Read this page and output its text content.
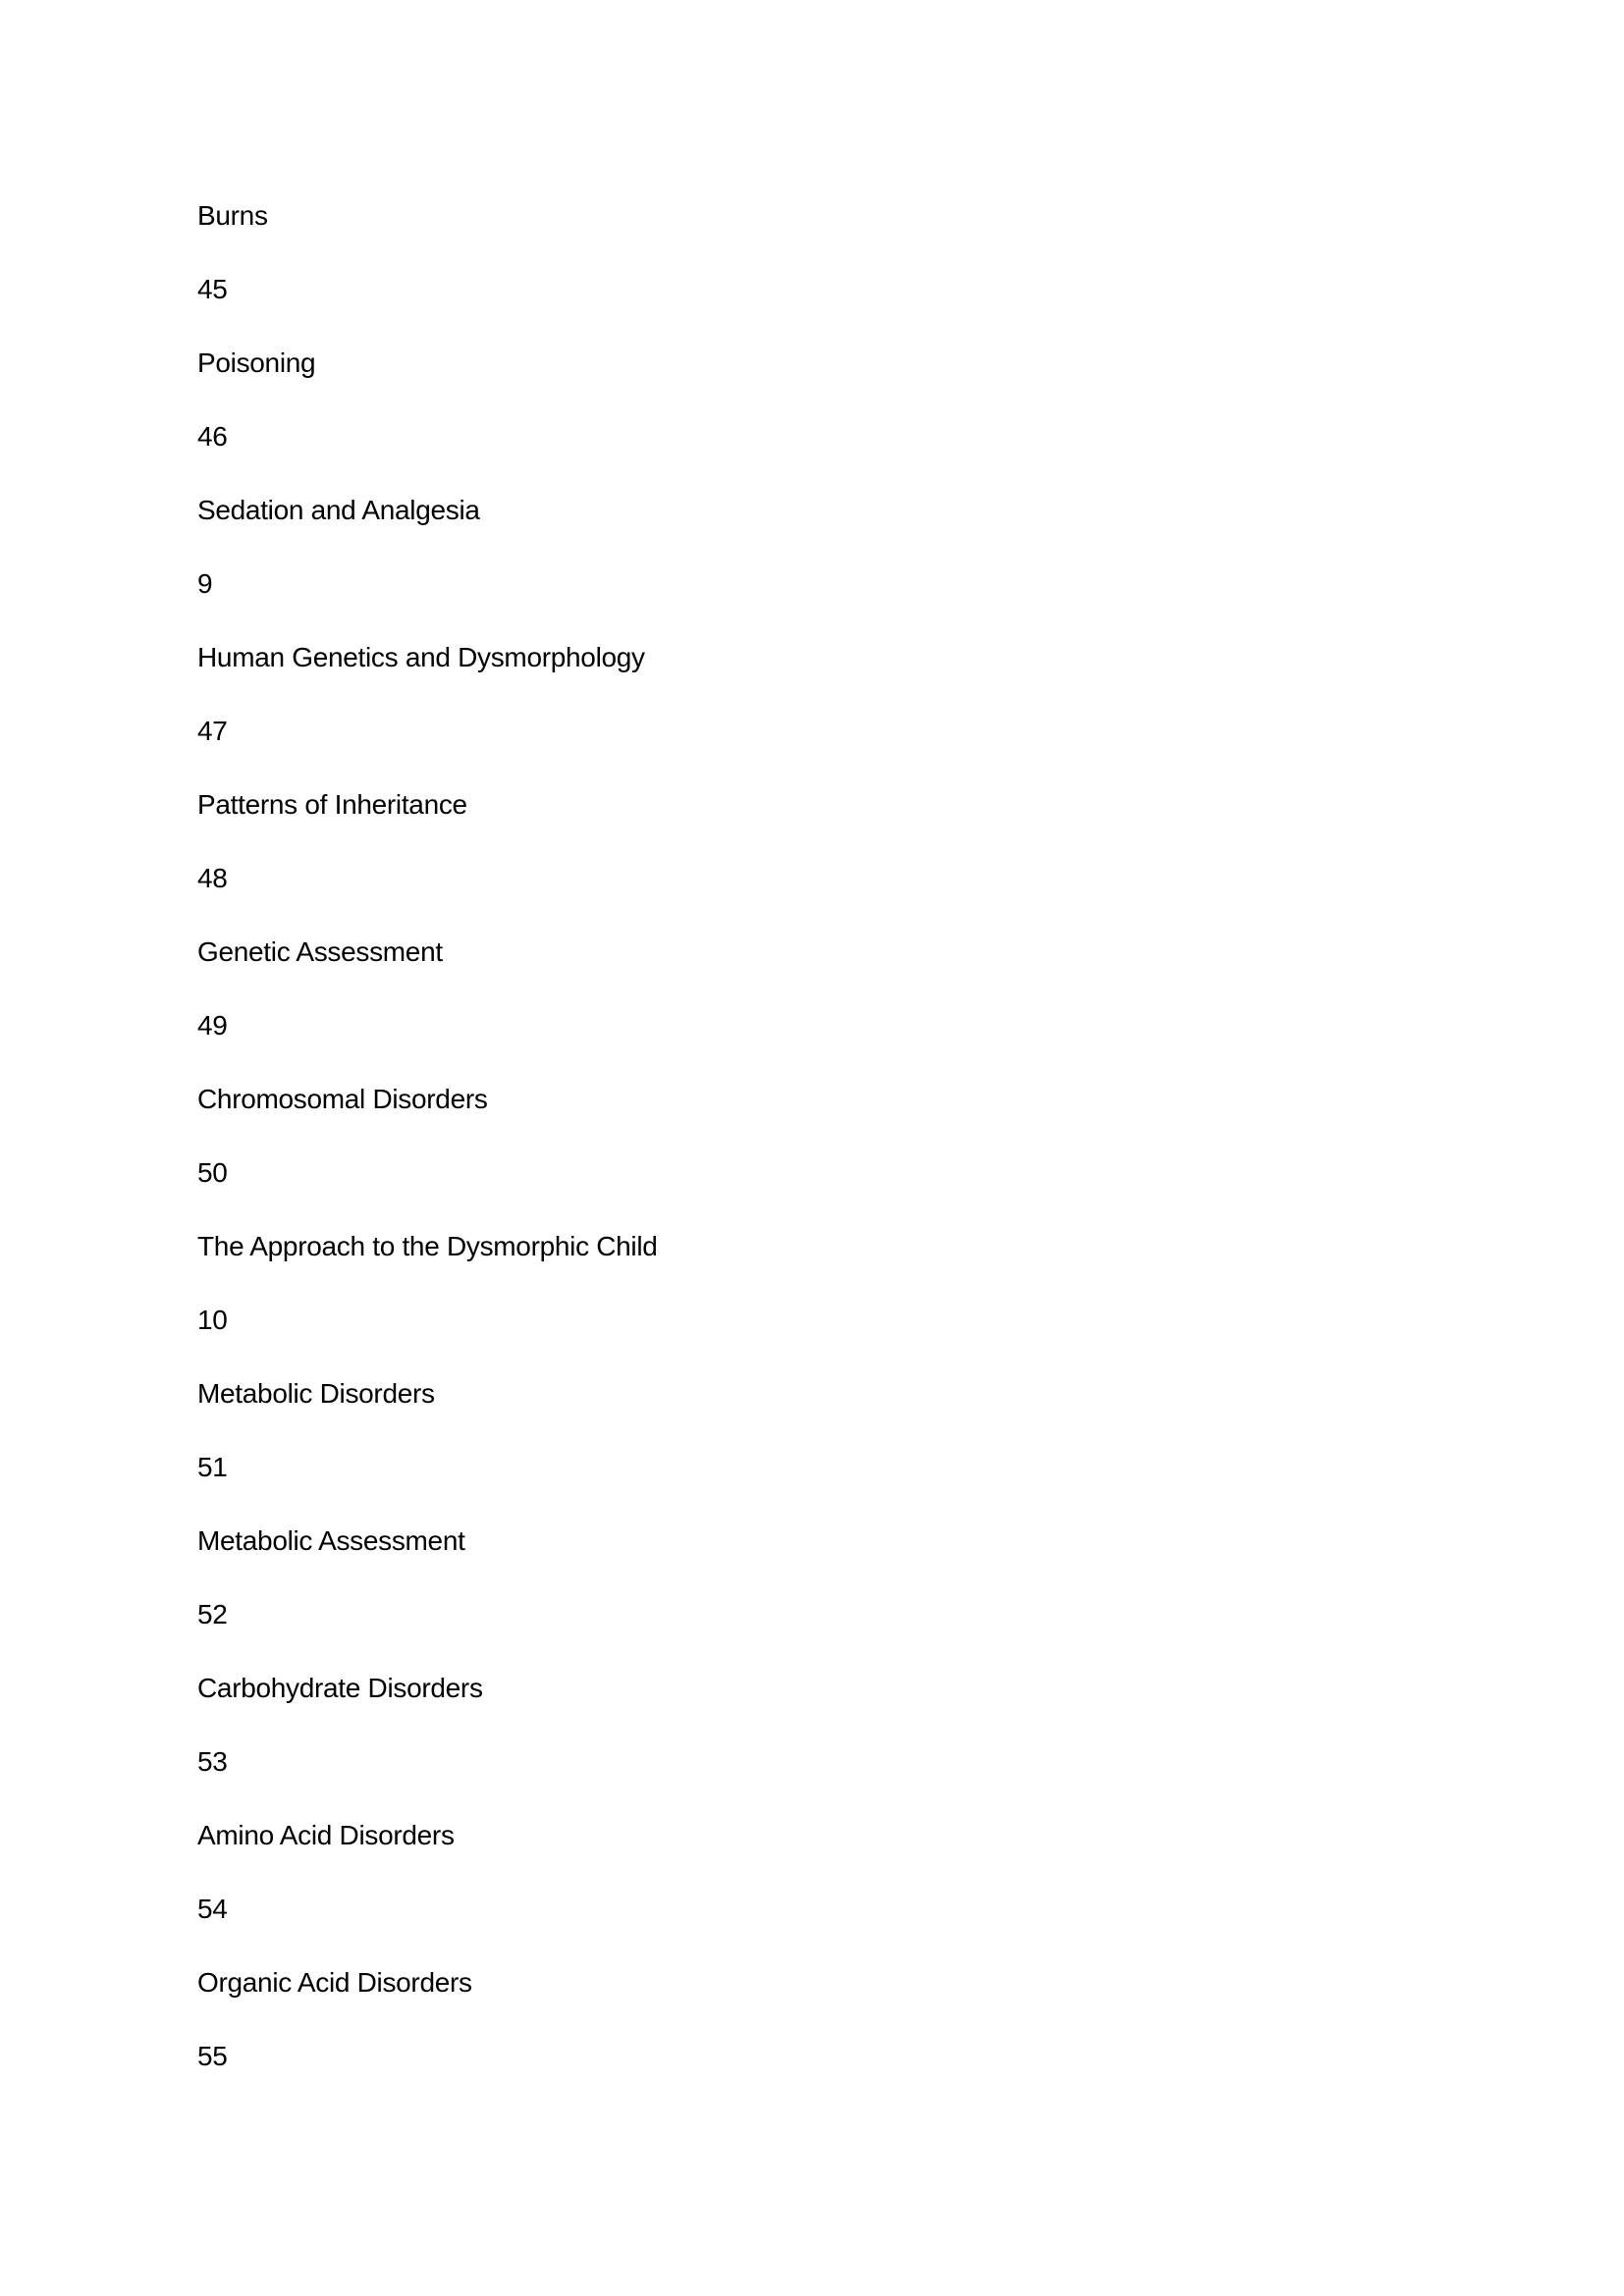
Burns
45
Poisoning
46
Sedation and Analgesia
9
Human Genetics and Dysmorphology
47
Patterns of Inheritance
48
Genetic Assessment
49
Chromosomal Disorders
50
The Approach to the Dysmorphic Child
10
Metabolic Disorders
51
Metabolic Assessment
52
Carbohydrate Disorders
53
Amino Acid Disorders
54
Organic Acid Disorders
55
